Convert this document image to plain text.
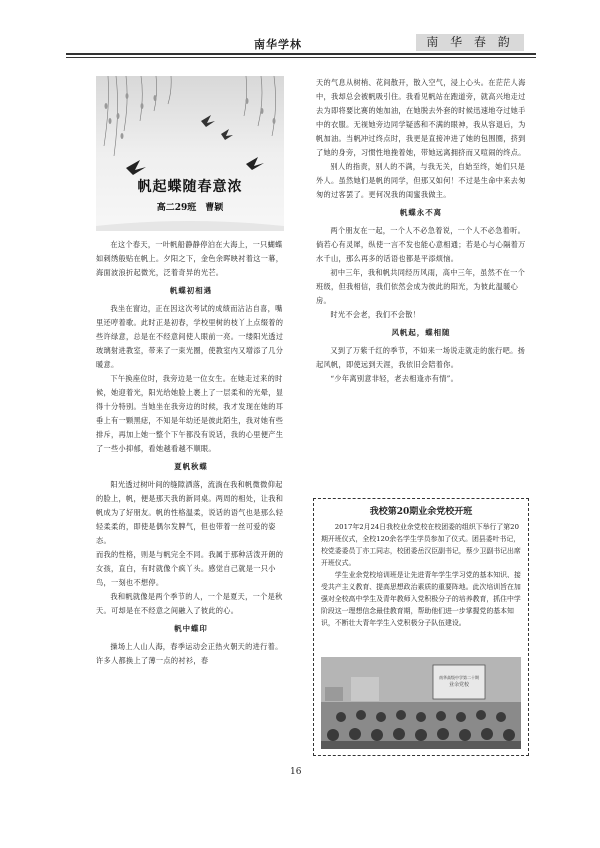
南华学林	南 华 春 韵
帆起蝶随春意浓
高二29班　曹颖

在这个春天，一叶帆船静静停泊在大海上，一只蝴蝶如刺绣般贴在帆上。夕阳之下，金色余晖映衬着这一幕，海面波浪折起微光，泛着奇异的光芒。

帆蝶初相遇

我坐在窗边，正在因这次考试的成绩而沾沾自喜，嘴里还哼着歌。此时正是初春，学校里树的枝丫上点缀着的些许绿意，总是在不经意间使人眼前一亮。一缕阳光透过玻璃射进教室，带来了一束光圈，使教室内又增添了几分暖意。

下午换座位时，我旁边是一位女生。在她走过来的时候，她迎着光，阳光给她脸上裹上了一层柔和的光晕，显得十分特别。当她坐在我旁边的时候，我才发现在她的耳垂上有一颗黑痣，不知是年幼还是彼此陌生，我对她有些排斥，再加上她一整个下午都没有说话，我的心里便产生了一些小抑郁，看她越看越不顺眼。

夏帆秋蝶

阳光透过树叶间的缝隙洒落，流淌在我和帆微微仰起的脸上，帆，便是那天我的新同桌。两周的相处，让我和帆成为了好朋友。帆的性格温柔，说话的语气也是那么轻轻柔柔的，即使是偶尔发脾气，但也带着一丝可爱的姿态。

而我的性格，则是与帆完全不同。我属于那种活泼开朗的女孩，直白，有时就像个疯丫头。感觉自己就是一只小鸟，一刻也不想停。

我和帆就像是两个季节的人，一个是夏天，一个是秋天。可却是在不经意之间融入了彼此的心。

帆中蝶印

操场上人山人海，春季运动会正热火朝天的进行着。许多人都换上了薄一点的衬衫，春

天的气息从树梢、花间散开，散入空气，浸上心头。在茫茫人海中，我却总会被帆吸引住。我看见帆站在跑道旁，就高兴地走过去为即将要比赛的她加油，在她脱去外套的时候迅速地夺过她手中的衣服。无视她旁边同学疑惑和不满的眼神，我从容退后，为帆加油。当帆冲过终点时，我更是直接冲进了她的包围圈，挤到了她的身旁，习惯性地挽着她，带她远离拥挤而又喧闹的终点。

别人的指责，别人的不满，与我无关，自始至终，她们只是外人。虽然她们是帆的同学，但那又如何！不过是生命中来去匆匆的过客罢了。更何况我的闺蜜我做主。

帆蝶永不离

两个朋友在一起，一个人不必急着说，一个人不必急着听。倘若心有灵犀，纵使一言不发也能心意相通；若是心与心隔着万水千山，那么再多的话语也都是平添烦恼。

初中三年，我和帆共同经历风雨，高中三年，虽然不在一个班级，但我相信，我们依然会成为彼此的阳光，为彼此温暖心房。

时光不会老，我们不会散！

风帆起，蝶相随

又到了万紫千红的季节，不如来一场说走就走的旅行吧。扬起风帆，即使远到天涯，我依旧会陪着你。

“少年离别意非轻，老去相逢亦有情”。

我校第20期业余党校开班

2017年2月24日我校业余党校在校团委的组织下举行了第20期开班仪式，全校120余名学生学员参加了仪式。团县委叶书记，校党委委员丁亦工同志，校团委岳汉臣副书记，蔡少卫副书记出席开班仪式。

学生业余党校培训班是让先进青年学生学习党的基本知识、接受共产主义教育、提高思想政治素质的重要阵地。此次培训旨在加强对全校高中学生及青年教师入党积极分子的培养教育，抓住中学阶段这一理想信念最佳教育期，帮助他们进一步掌握党的基本知识，不断壮大青年学生入党积极分子队伍建设。

南华高级中学第二十期
业余党校
16
